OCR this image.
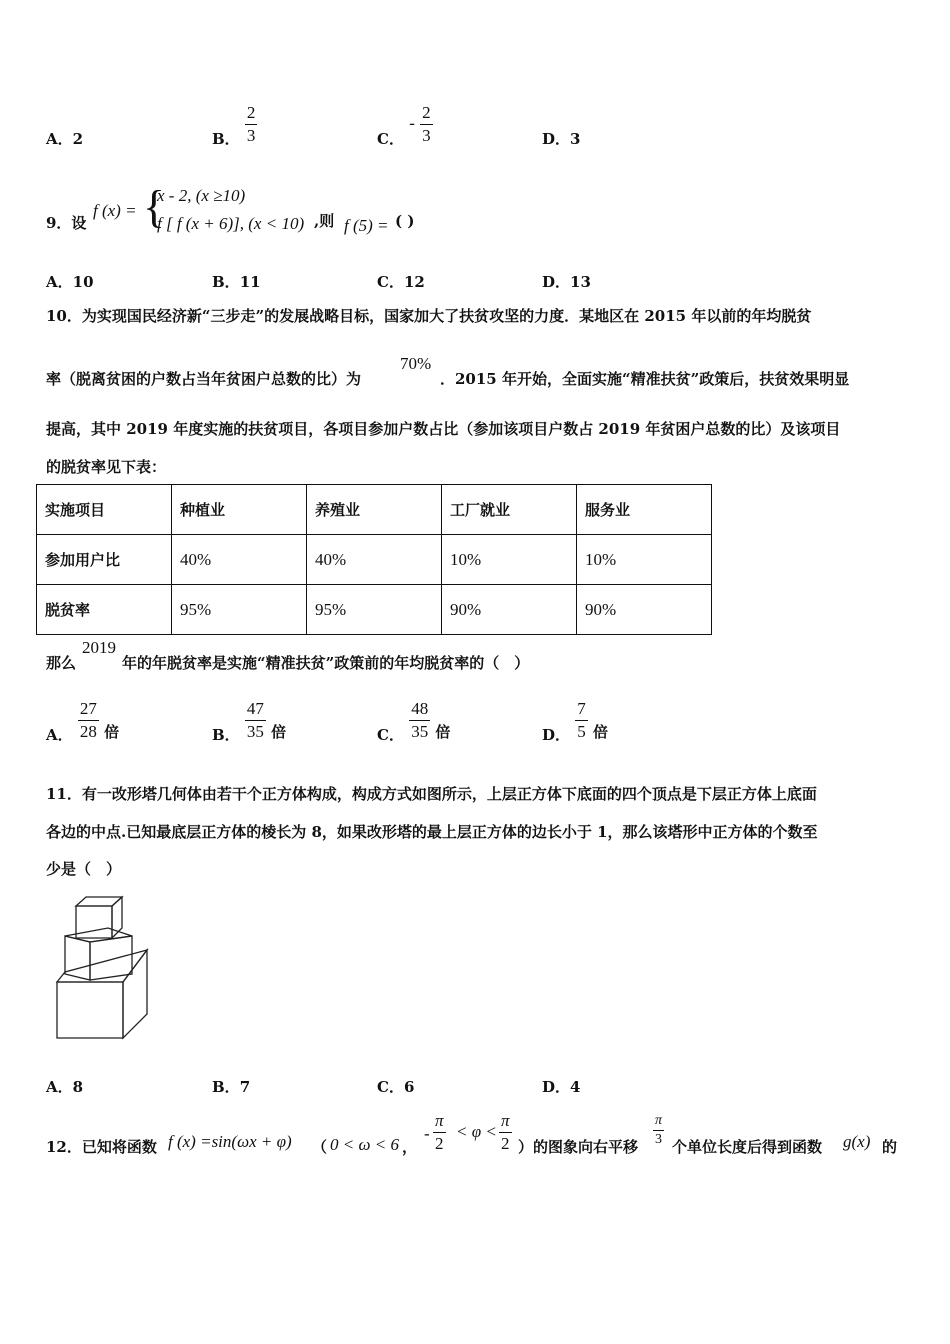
A．2	B． $\frac{2}{3}$	C． - $\frac{2}{3}$	D．3
9．设
f (x) = {
x - 2, (x ≥10)
f [ f (x + 6)], (x < 10) ,则 f (5) = ( )
A．10	B．11	C．12	D．13
10．为实现国民经济新“三步走”的发展战略目标，国家加大了扶贫攻坚的力度．某地区在 2015 年以前的年均脱贫
率（脱离贫困的户数占当年贫困户总数的比）为
70%
．2015 年开始，全面实施“精准扶贫”政策后，扶贫效果明显
提高，其中 2019 年度实施的扶贫项目，各项目参加户数占比（参加该项目户数占 2019 年贫困户总数的比）及该项目
的脱贫率见下表：
实施项目	种植业	养殖业	工厂就业	服务业
参加用户比	40%	40%	10%	10%
脱贫率	95%	95%	90%	90%
那么
2019
年的年脱贫率是实施“精准扶贫”政策前的年均脱贫率的（　）
A． $\frac{27}{28}$ 倍	B． $\frac{47}{35}$ 倍	C． $\frac{48}{35}$ 倍	D． $\frac{7}{5}$ 倍
11．有一改形塔几何体由若干个正方体构成，构成方式如图所示，上层正方体下底面的四个顶点是下层正方体上底面
各边的中点.已知最底层正方体的棱长为 8，如果改形塔的最上层正方体的边长小于 1，那么该塔形中正方体的个数至
少是（　）
A．8	B．7	C．6	D．4
12．已知将函数 f (x) =sin(ωx + φ) （ 0 < ω < 6 ，
- $\frac{\pi}{2} < \varphi < \frac{\pi}{2}$ ）的图象向右平移 $\frac{\pi}{3}$ 个单位长度后得到函数 g(x) 的
